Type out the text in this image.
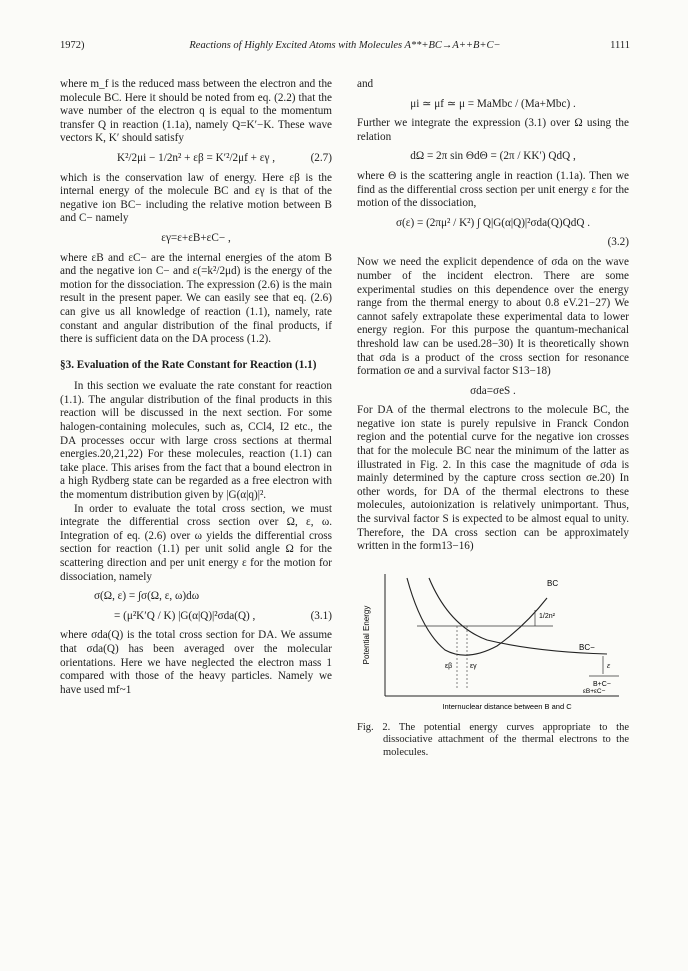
1972)	Reactions of Highly Excited Atoms with Molecules A**+BC→A++B+C−	1111

where m_f is the reduced mass between the electron and the molecule BC. Here it should be noted from eq. (2.2) that the wave number of the electron q is equal to the momentum transfer Q in reaction (1.1a), namely Q=K′−K. These wave vectors K, K′ should satisfy

K²/2μi − 1/2n² + εβ = K′²/2μf + εγ ,	(2.7)

which is the conservation law of energy. Here εβ is the internal energy of the molecule BC and εγ is that of the negative ion BC− including the relative motion between B and C− namely

εγ=ε+εB+εC− ,

where εB and εC− are the internal energies of the atom B and the negative ion C− and ε(=k²/2μd) is the energy of the motion for the dissociation. The expression (2.6) is the main result in the present paper. We can easily see that eq. (2.6) can give us all knowledge of reaction (1.1), namely, rate constant and angular distribution of the final products, if there is sufficient data on the DA process (1.2).

§3. Evaluation of the Rate Constant for Reaction (1.1)

In this section we evaluate the rate constant for reaction (1.1). The angular distribution of the final products in this reaction will be discussed in the next section. For some halogen-containing molecules, such as, CCl4, I2 etc., the DA processes occur with large cross sections at thermal energies.20,21,22) For these molecules, reaction (1.1) can take place. This arises from the fact that a bound electron in a high Rydberg state can be regarded as a free electron with the momentum distribution given by |G(α|q)|².

In order to evaluate the total cross section, we must integrate the differential cross section over Ω, ε, ω. Integration of eq. (2.6) over ω yields the differential cross section for reaction (1.1) per unit solid angle Ω for the scattering direction and per unit energy ε for the motion for dissociation, namely

σ(Ω, ε) = ∫σ(Ω, ε, ω)dω
= (μ²K′Q / K) |G(α|Q)|²σda(Q) ,	(3.1)

where σda(Q) is the total cross section for DA. We assume that σda(Q) has been averaged over the molecular orientations. Here we have neglected the electron mass 1 compared with those of the heavy particles. Namely we have used mf~1

and

μi ≃ μf ≃ μ = MaMbc / (Ma+Mbc) .

Further we integrate the expression (3.1) over Ω using the relation

dΩ = 2π sin ΘdΘ = (2π / KK′) QdQ ,

where Θ is the scattering angle in reaction (1.1a). Then we find as the differential cross section per unit energy ε for the motion of the dissociation,

σ(ε) = (2πμ² / K²) ∫ Q|G(α|Q)|²σda(Q)QdQ .
(3.2)

Now we need the explicit dependence of σda on the wave number of the incident electron. There are some experimental studies on this dependence over the energy range from the thermal energy to about 0.8 eV.21−27) We cannot safely extrapolate these experimental data to lower energy region. For this purpose the quantum-mechanical threshold law can be used.28−30) It is theoretically shown that σda is a product of the cross section for resonance formation σe and a survival factor S13−18)

σda=σeS .

For DA of the thermal electrons to the molecule BC, the negative ion state is purely repulsive in Franck Condon region and the potential curve for the negative ion crosses that for the molecule BC near the minimum of the latter as illustrated in Fig. 2. In this case the magnitude of σda is mainly determined by the capture cross section σe.20) In other words, for DA of the thermal electrons to these molecules, autoionization is relatively unimportant. Thus, the survival factor S is expected to be almost equal to unity. Therefore, the DA cross section can be approximately written in the form13−16)

Potential Energy
Internuclear distance between B and C
BC
BC−
B+C−
1/2n²
ε
εβ	εγ
εB+εC−
Fig. 2. The potential energy curves appropriate to the dissociative attachment of the thermal electrons to the molecules.
